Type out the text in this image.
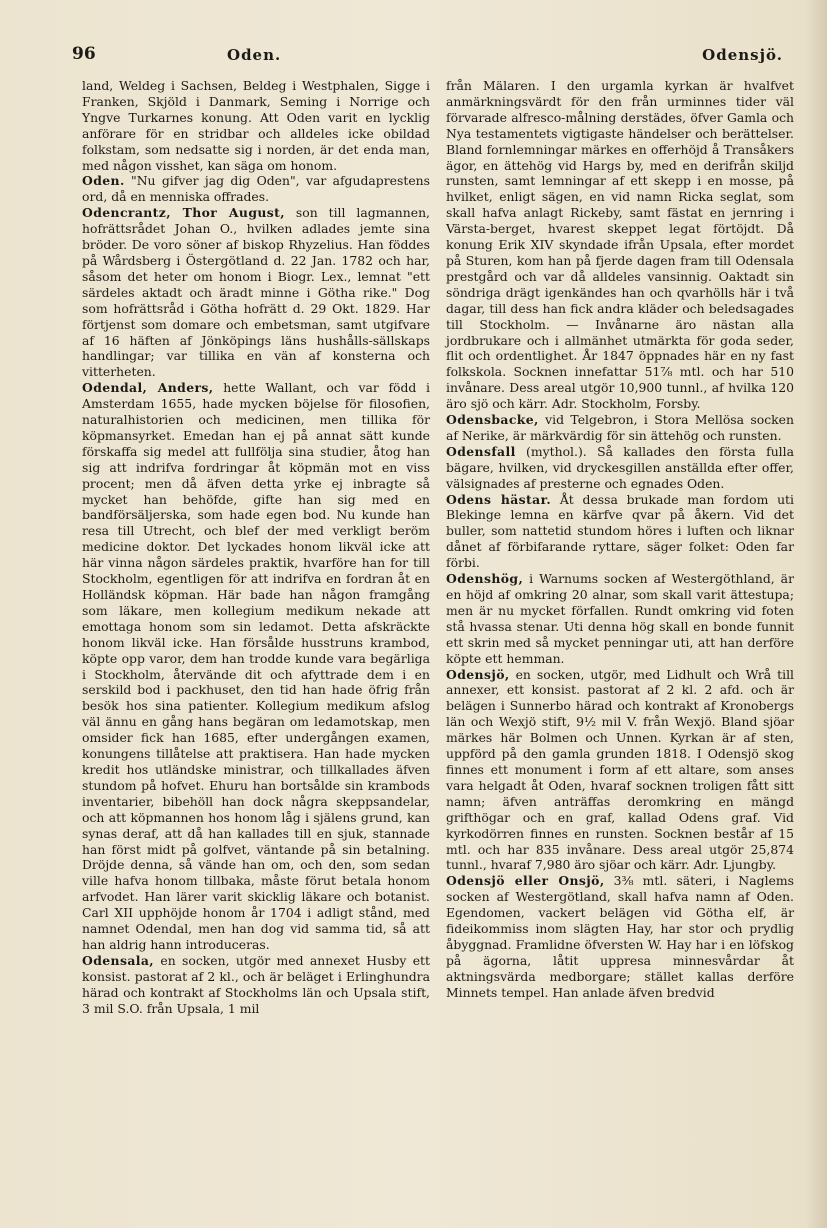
96	Oden.	Odensjö.

land, Weldeg i Sachsen, Beldeg i Westphalen, Sigge i Franken, Skjöld i Danmark, Seming i Norrige och Yngve Turkarnes konung. Att Oden varit en lycklig anförare för en stridbar och alldeles icke obildad folkstam, som nedsatte sig i norden, är det enda man, med någon visshet, kan säga om honom.

Oden. "Nu gifver jag dig Oden", var afgudaprestens ord, då en menniska offrades.

Odencrantz, Thor August, son till lagmannen, hofrättsrådet Johan O., hvilken adlades jemte sina bröder. De voro söner af biskop Rhyzelius. Han föddes på Wårdsberg i Östergötland d. 22 Jan. 1782 och har, såsom det heter om honom i Biogr. Lex., lemnat "ett särdeles aktadt och äradt minne i Götha rike." Dog som hofrättsråd i Götha hofrätt d. 29 Okt. 1829. Har förtjenst som domare och embetsman, samt utgifvare af 16 häften af Jönköpings läns hushålls-sällskaps handlingar; var tillika en vän af konsterna och vitterheten.

Odendal, Anders, hette Wallant, och var född i Amsterdam 1655, hade mycken böjelse för filosofien, naturalhistorien och medicinen, men tillika för köpmansyrket. Emedan han ej på annat sätt kunde förskaffa sig medel att fullfölja sina studier, åtog han sig att indrifva fordringar åt köpmän mot en viss procent; men då äfven detta yrke ej inbragte så mycket han behöfde, gifte han sig med en bandförsäljerska, som hade egen bod. Nu kunde han resa till Utrecht, och blef der med verkligt beröm medicine doktor. Det lyckades honom likväl icke att här vinna någon särdeles praktik, hvarföre han for till Stockholm, egentligen för att indrifva en fordran åt en Holländsk köpman. Här bade han någon framgång som läkare, men kollegium medikum nekade att emottaga honom som sin ledamot. Detta afskräckte honom likväl icke. Han försålde husstruns krambod, köpte opp varor, dem han trodde kunde vara begärliga i Stockholm, återvände dit och afyttrade dem i en serskild bod i packhuset, den tid han hade öfrig från besök hos sina patienter. Kollegium medikum afslog väl ännu en gång hans begäran om ledamotskap, men omsider fick han 1685, efter undergången examen, konungens tillåtelse att praktisera. Han hade mycken kredit hos utländske ministrar, och tillkallades äfven stundom på hofvet. Ehuru han bortsålde sin krambods inventarier, bibehöll han dock några skeppsandelar, och att köpmannen hos honom låg i själens grund, kan synas deraf, att då han kallades till en sjuk, stannade han först midt på golfvet, väntande på sin betalning. Dröjde denna, så vände han om, och den, som sedan ville hafva honom tillbaka, måste förut betala honom arfvodet. Han lärer varit skicklig läkare och botanist. Carl XII upphöjde honom år 1704 i adligt stånd, med namnet Odendal, men han dog vid samma tid, så att han aldrig hann introduceras.

Odensala, en socken, utgör med annexet Husby ett konsist. pastorat af 2 kl., och är beläget i Erlinghundra härad och kontrakt af Stockholms län och Upsala stift, 3 mil S.O. från Upsala, 1 mil

från Mälaren. I den urgamla kyrkan är hvalfvet anmärkningsvärdt för den från urminnes tider väl förvarade alfresco-målning derstädes, öfver Gamla och Nya testamentets vigtigaste händelser och berättelser. Bland fornlemningar märkes en offerhöjd å Transåkers ägor, en ättehög vid Hargs by, med en derifrån skiljd runsten, samt lemningar af ett skepp i en mosse, på hvilket, enligt sägen, en vid namn Ricka seglat, som skall hafva anlagt Rickeby, samt fästat en jernring i Värsta-berget, hvarest skeppet legat förtöjdt. Då konung Erik XIV skyndade ifrån Upsala, efter mordet på Sturen, kom han på fjerde dagen fram till Odensala prestgård och var då alldeles vansinnig. Oaktadt sin söndriga drägt igenkändes han och qvarhölls här i två dagar, till dess han fick andra kläder och beledsagades till Stockholm. — Invånarne äro nästan alla jordbrukare och i allmänhet utmärkta för goda seder, flit och ordentlighet. År 1847 öppnades här en ny fast folkskola. Socknen innefattar 51⅞ mtl. och har 510 invånare. Dess areal utgör 10,900 tunnl., af hvilka 120 äro sjö och kärr. Adr. Stockholm, Forsby.

Odensbacke, vid Telgebron, i Stora Mellösa socken af Nerike, är märkvärdig för sin ättehög och runsten.

Odensfall (mythol.). Så kallades den första fulla bägare, hvilken, vid dryckesgillen anställda efter offer, välsignades af presterne och egnades Oden.

Odens hästar. Åt dessa brukade man fordom uti Blekinge lemna en kärfve qvar på åkern. Vid det buller, som nattetid stundom höres i luften och liknar dånet af förbifarande ryttare, säger folket: Oden far förbi.

Odenshög, i Warnums socken af Westergöthland, är en höjd af omkring 20 alnar, som skall varit ättestupa; men är nu mycket förfallen. Rundt omkring vid foten stå hvassa stenar. Uti denna hög skall en bonde funnit ett skrin med så mycket penningar uti, att han derföre köpte ett hemman.

Odensjö, en socken, utgör, med Lidhult och Wrå till annexer, ett konsist. pastorat af 2 kl. 2 afd. och är belägen i Sunnerbo härad och kontrakt af Kronobergs län och Wexjö stift, 9½ mil V. från Wexjö. Bland sjöar märkes här Bolmen och Unnen. Kyrkan är af sten, uppförd på den gamla grunden 1818. I Odensjö skog finnes ett monument i form af ett altare, som anses vara helgadt åt Oden, hvaraf socknen troligen fått sitt namn; äfven anträffas deromkring en mängd grifthögar och en graf, kallad Odens graf. Vid kyrkodörren finnes en runsten. Socknen består af 15 mtl. och har 835 invånare. Dess areal utgör 25,874 tunnl., hvaraf 7,980 äro sjöar och kärr. Adr. Ljungby.

Odensjö eller Onsjö, 3⅜ mtl. säteri, i Naglems socken af Westergötland, skall hafva namn af Oden. Egendomen, vackert belägen vid Götha elf, är fideikommiss inom slägten Hay, har stor och prydlig åbyggnad. Framlidne öfversten W. Hay har i en löfskog på ägorna, låtit uppresa minnesvårdar åt aktningsvärda medborgare; stället kallas derföre Minnets tempel. Han anlade äfven bredvid
